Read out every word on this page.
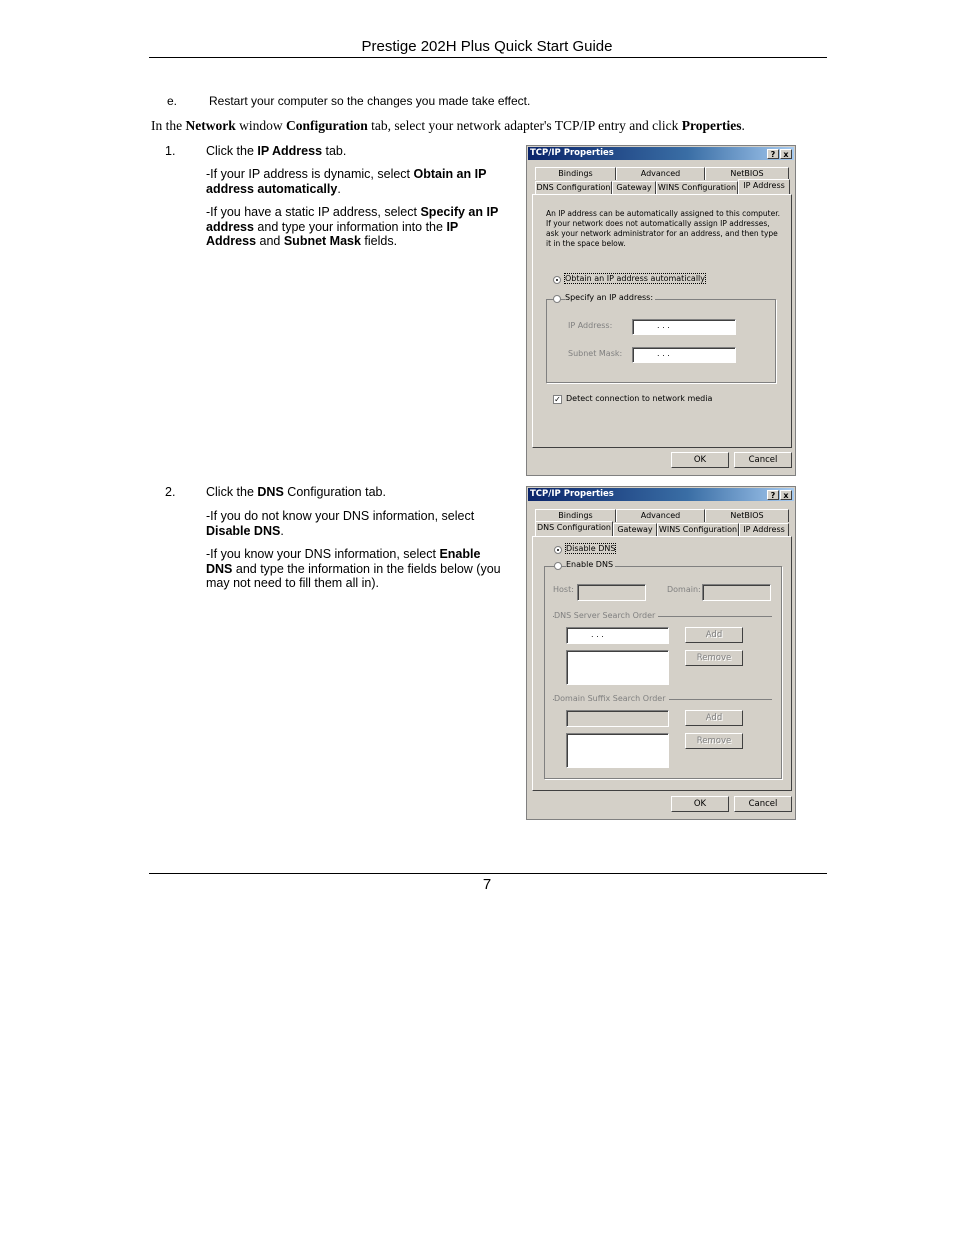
Prestige 202H Plus Quick Start Guide
e.	Restart your computer so the changes you made take effect.
In the Network window Configuration tab, select your network adapter's TCP/IP entry and click Properties.
1. Click the IP Address tab.
-If your IP address is dynamic, select Obtain an IP address automatically.
-If you have a static IP address, select Specify an IP address and type your information into the IP Address and Subnet Mask fields.
TCP/IP Properties	?	x
Bindings	Advanced	NetBIOS
DNS Configuration Gateway WINS Configuration IP Address
An IP address can be automatically assigned to this computer. If your network does not automatically assign IP addresses, ask your network administrator for an address, and then type it in the space below.
Obtain an IP address automatically
Specify an IP address:
IP Address:	. . .
Subnet Mask:	. . .
✓ Detect connection to network media
OK	Cancel
2. Click the DNS Configuration tab.
-If you do not know your DNS information, select Disable DNS.
-If you know your DNS information, select Enable DNS and type the information in the fields below (you may not need to fill them all in).
TCP/IP Properties	?	x
Bindings	Advanced	NetBIOS
DNS Configuration Gateway WINS Configuration IP Address
Disable DNS
Enable DNS
Host:	Domain:
DNS Server Search Order
. . .	Add
Remove
Domain Suffix Search Order
Add
Remove
OK	Cancel
7
